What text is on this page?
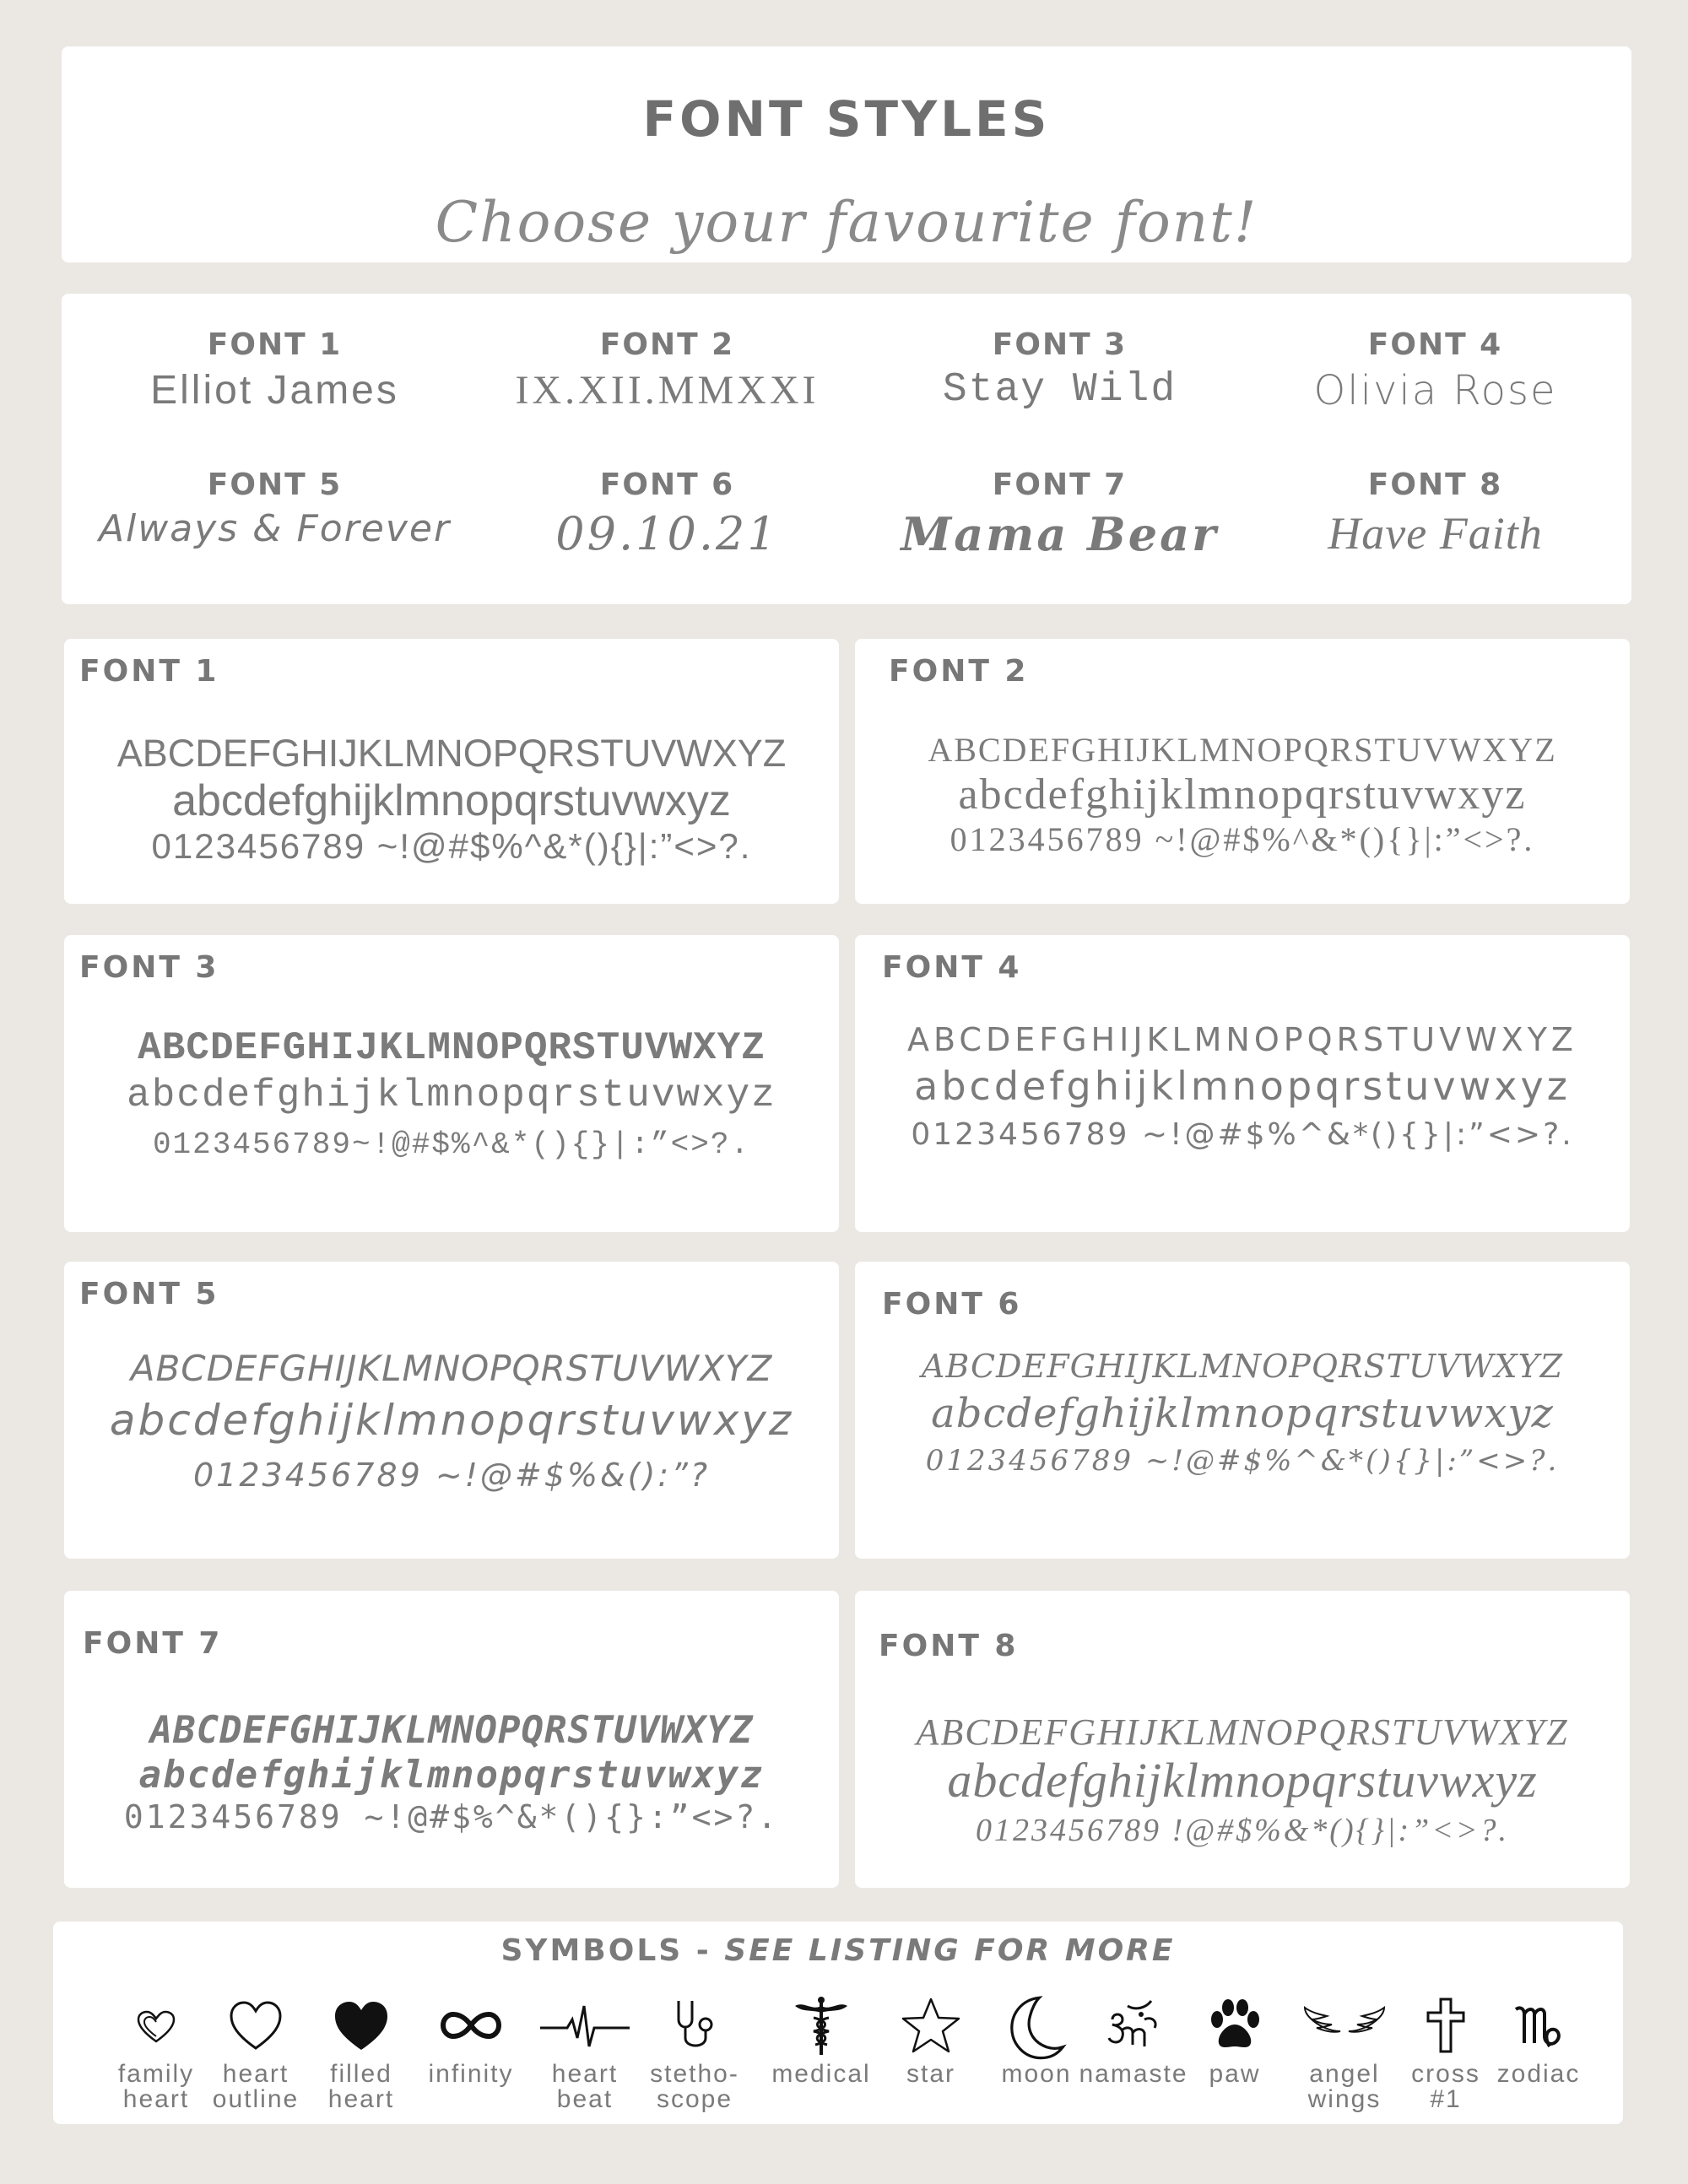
FONT STYLES
Choose your favourite font!
FONT 1
Elliot James
FONT 2
IX.XII.MMXXI
FONT 3
Stay Wild
FONT 4
Olivia Rose
FONT 5
Always & Forever
FONT 6
09.10.21
FONT 7
Mama Bear
FONT 8
Have Faith
FONT 1
ABCDEFGHIJKLMNOPQRSTUVWXYZ
abcdefghijklmnopqrstuvwxyz
0123456789 ~!@#$%^&*(){}|:”<>?.
FONT 2
ABCDEFGHIJKLMNOPQRSTUVWXYZ
abcdefghijklmnopqrstuvwxyz
0123456789 ~!@#$%^&*(){}|:”<>?.
FONT 3
ABCDEFGHIJKLMNOPQRSTUVWXYZ
abcdefghijklmnopqrstuvwxyz
0123456789~!@#$%^&*(){}|:”<>?.
FONT 4
ABCDEFGHIJKLMNOPQRSTUVWXYZ
abcdefghijklmnopqrstuvwxyz
0123456789 ~!@#$%^&*(){}|:”<>?.
FONT 5
ABCDEFGHIJKLMNOPQRSTUVWXYZ
abcdefghijklmnopqrstuvwxyz
0123456789 ~!@#$%&():”?
FONT 6
ABCDEFGHIJKLMNOPQRSTUVWXYZ
abcdefghijklmnopqrstuvwxyz
0123456789 ~!@#$%^&*(){}|:”<>?.
FONT 7
ABCDEFGHIJKLMNOPQRSTUVWXYZ
abcdefghijklmnopqrstuvwxyz
0123456789 ~!@#$%^&*(){}:”<>?.
FONT 8
ABCDEFGHIJKLMNOPQRSTUVWXYZ
abcdefghijklmnopqrstuvwxyz
0123456789 !@#$%&*(){}|:”<>?.
SYMBOLS - SEE LISTING FOR MORE
family
heart
heart
outline
filled
heart
infinity	heart
beat
stetho-
scope
medical	star	moon namaste paw	angel
wings
cross
#1
zodiac
